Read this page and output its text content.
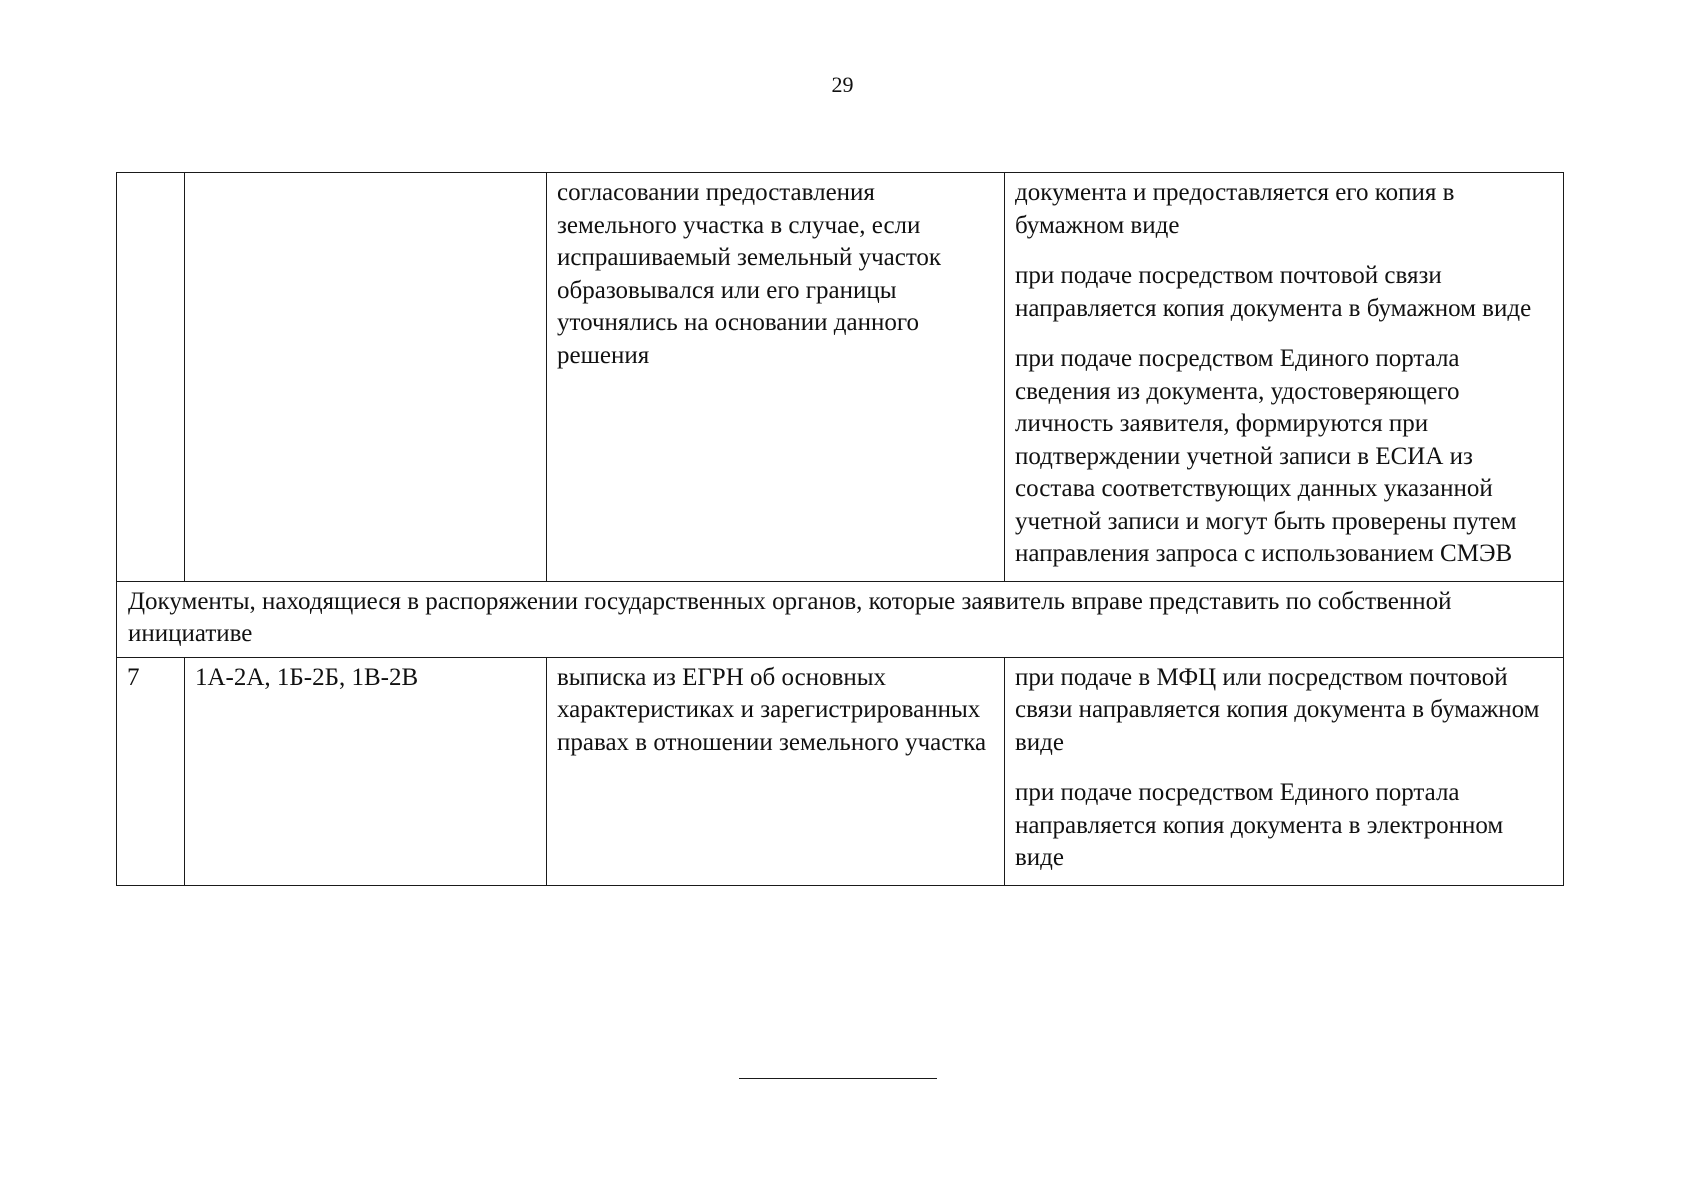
29

		согласовании предоставления земельного участка в случае, если испрашиваемый земельный участок образовывался или его границы уточнялись на основании данного решения	документа и предоставляется его копия в бумажном виде

при подаче посредством почтовой связи направляется копия документа в бумажном виде

при подаче посредством Единого портала сведения из документа, удостоверяющего личность заявителя, формируются при подтверждении учетной записи в ЕСИА из состава соответствующих данных указанной учетной записи и могут быть проверены путем направления запроса с использованием СМЭВ

Документы, находящиеся в распоряжении государственных органов, которые заявитель вправе представить по собственной инициативе			
7	1А-2А, 1Б-2Б, 1В-2В	выписка из ЕГРН об основных характеристиках и зарегистрированных правах в отношении земельного участка	при подаче в МФЦ или посредством почтовой связи направляется копия документа в бумажном виде

при подаче посредством Единого портала направляется копия документа в электронном виде
